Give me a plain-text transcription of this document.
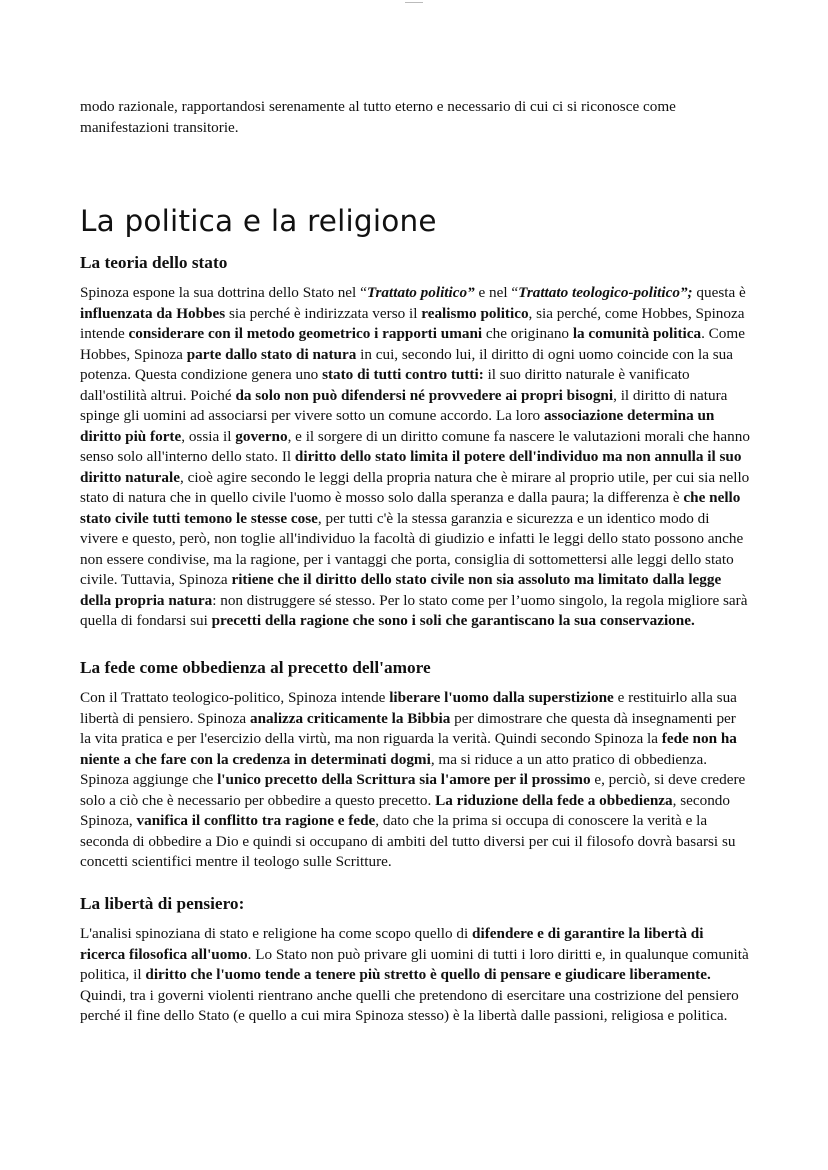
modo razionale, rapportandosi serenamente al tutto eterno e necessario di cui ci si riconosce come manifestazioni transitorie.

La politica e la religione
La teoria dello stato

Spinoza espone la sua dottrina dello Stato nel “Trattato politico” e nel “Trattato teologico-politico”; questa è influenzata da Hobbes sia perché è indirizzata verso il realismo politico, sia perché, come Hobbes, Spinoza intende considerare con il metodo geometrico i rapporti umani che originano la comunità politica. Come Hobbes, Spinoza parte dallo stato di natura in cui, secondo lui, il diritto di ogni uomo coincide con la sua potenza. Questa condizione genera uno stato di tutti contro tutti: il suo diritto naturale è vanificato dall'ostilità altrui. Poiché da solo non può difendersi né provvedere ai propri bisogni, il diritto di natura spinge gli uomini ad associarsi per vivere sotto un comune accordo. La loro associazione determina un diritto più forte, ossia il governo, e il sorgere di un diritto comune fa nascere le valutazioni morali che hanno senso solo all'interno dello stato. Il diritto dello stato limita il potere dell'individuo ma non annulla il suo diritto naturale, cioè agire secondo le leggi della propria natura che è mirare al proprio utile, per cui sia nello stato di natura che in quello civile l'uomo è mosso solo dalla speranza e dalla paura; la differenza è che nello stato civile tutti temono le stesse cose, per tutti c'è la stessa garanzia e sicurezza e un identico modo di vivere e questo, però, non toglie all'individuo la facoltà di giudizio e infatti le leggi dello stato possono anche non essere condivise, ma la ragione, per i vantaggi che porta, consiglia di sottomettersi alle leggi dello stato civile. Tuttavia, Spinoza ritiene che il diritto dello stato civile non sia assoluto ma limitato dalla legge della propria natura: non distruggere sé stesso. Per lo stato come per l’uomo singolo, la regola migliore sarà quella di fondarsi sui precetti della ragione che sono i soli che garantiscano la sua conservazione.

La fede come obbedienza al precetto dell'amore

Con il Trattato teologico-politico, Spinoza intende liberare l'uomo dalla superstizione e restituirlo alla sua libertà di pensiero. Spinoza analizza criticamente la Bibbia per dimostrare che questa dà insegnamenti per la vita pratica e per l'esercizio della virtù, ma non riguarda la verità. Quindi secondo Spinoza la fede non ha niente a che fare con la credenza in determinati dogmi, ma si riduce a un atto pratico di obbedienza. Spinoza aggiunge che l'unico precetto della Scrittura sia l'amore per il prossimo e, perciò, si deve credere solo a ciò che è necessario per obbedire a questo precetto. La riduzione della fede a obbedienza, secondo Spinoza, vanifica il conflitto tra ragione e fede, dato che la prima si occupa di conoscere la verità e la seconda di obbedire a Dio e quindi si occupano di ambiti del tutto diversi per cui il filosofo dovrà basarsi su concetti scientifici mentre il teologo sulle Scritture.

La libertà di pensiero:

L'analisi spinoziana di stato e religione ha come scopo quello di difendere e di garantire la libertà di ricerca filosofica all'uomo. Lo Stato non può privare gli uomini di tutti i loro diritti e, in qualunque comunità politica, il diritto che l'uomo tende a tenere più stretto è quello di pensare e giudicare liberamente. Quindi, tra i governi violenti rientrano anche quelli che pretendono di esercitare una costrizione del pensiero perché il fine dello Stato (e quello a cui mira Spinoza stesso) è la libertà dalle passioni, religiosa e politica.
